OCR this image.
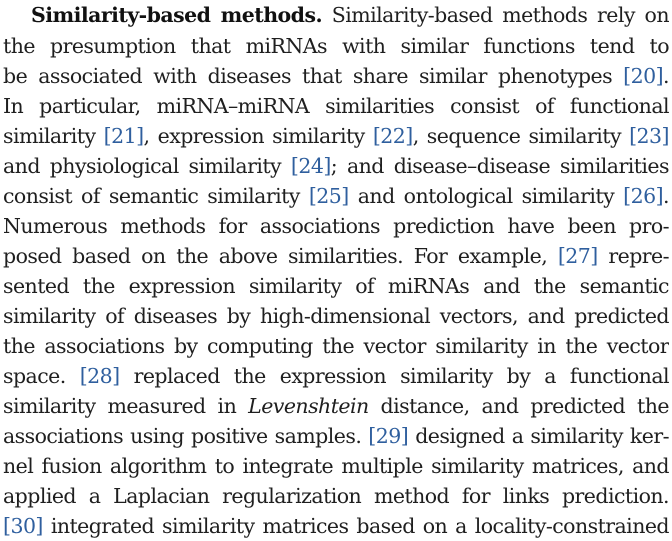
Similarity-based methods. Similarity-based methods rely on
the presumption that miRNAs with similar functions tend to
be associated with diseases that share similar phenotypes [20].
In particular, miRNA–miRNA similarities consist of functional
similarity [21], expression similarity [22], sequence similarity [23]
and physiological similarity [24]; and disease–disease similarities
consist of semantic similarity [25] and ontological similarity [26].
Numerous methods for associations prediction have been pro-
posed based on the above similarities. For example, [27] repre-
sented the expression similarity of miRNAs and the semantic
similarity of diseases by high-dimensional vectors, and predicted
the associations by computing the vector similarity in the vector
space. [28] replaced the expression similarity by a functional
similarity measured in Levenshtein distance, and predicted the
associations using positive samples. [29] designed a similarity ker-
nel fusion algorithm to integrate multiple similarity matrices, and
applied a Laplacian regularization method for links prediction.
[30] integrated similarity matrices based on a locality-constrained
